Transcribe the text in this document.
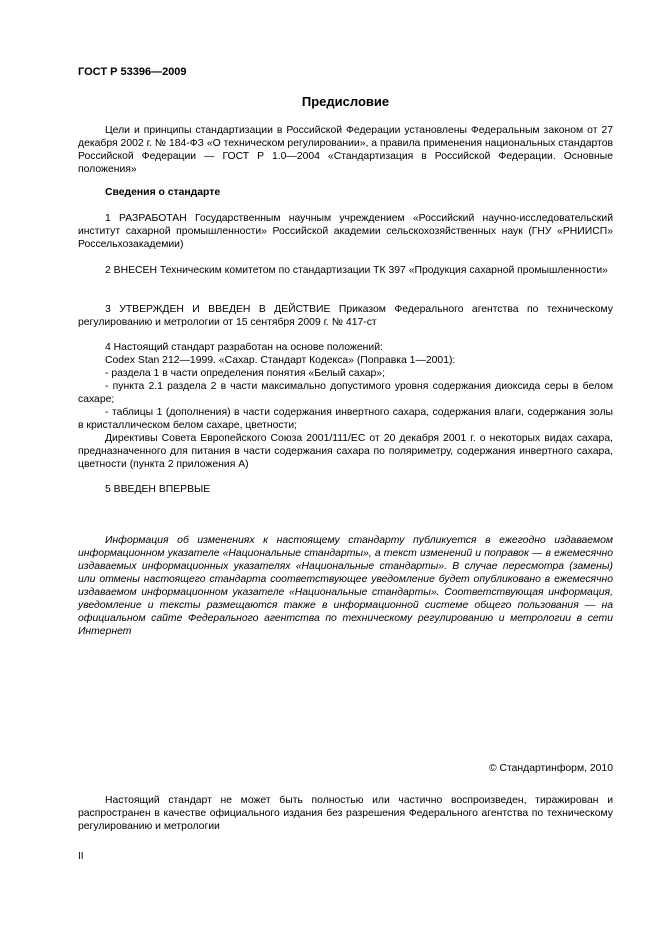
ГОСТ Р 53396—2009
Предисловие
Цели и принципы стандартизации в Российской Федерации установлены Федеральным законом от 27 декабря 2002 г. № 184-ФЗ «О техническом регулировании», а правила применения национальных стандартов Российской Федерации — ГОСТ Р 1.0—2004 «Стандартизация в Российской Федерации. Основные положения»
Сведения о стандарте
1 РАЗРАБОТАН Государственным научным учреждением «Российский научно-исследовательский институт сахарной промышленности» Российской академии сельскохозяйственных наук (ГНУ «РНИИСП» Россельхозакадемии)
2 ВНЕСЕН Техническим комитетом по стандартизации ТК 397 «Продукция сахарной промышленности»
3 УТВЕРЖДЕН И ВВЕДЕН В ДЕЙСТВИЕ Приказом Федерального агентства по техническому регулированию и метрологии от 15 сентября 2009 г. № 417-ст
4 Настоящий стандарт разработан на основе положений:
Codex Stan 212—1999. «Сахар. Стандарт Кодекса» (Поправка 1—2001):
- раздела 1 в части определения понятия «Белый сахар»;
- пункта 2.1 раздела 2 в части максимально допустимого уровня содержания диоксида серы в белом сахаре;
- таблицы 1 (дополнения) в части содержания инвертного сахара, содержания влаги, содержания золы в кристаллическом белом сахаре, цветности;
Директивы Совета Европейского Союза 2001/111/ЕС от 20 декабря 2001 г. о некоторых видах сахара, предназначенного для питания в части содержания сахара по поляриметру, содержания инвертного сахара, цветности (пункта 2 приложения А)
5 ВВЕДЕН ВПЕРВЫЕ
Информация об изменениях к настоящему стандарту публикуется в ежегодно издаваемом информационном указателе «Национальные стандарты», а текст изменений и поправок — в ежемесячно издаваемых информационных указателях «Национальные стандарты». В случае пересмотра (замены) или отмены настоящего стандарта соответствующее уведомление будет опубликовано в ежемесячно издаваемом информационном указателе «Национальные стандарты». Соответствующая информация, уведомление и тексты размещаются также в информационной системе общего пользования — на официальном сайте Федерального агентства по техническому регулированию и метрологии в сети Интернет
© Стандартинформ, 2010
Настоящий стандарт не может быть полностью или частично воспроизведен, тиражирован и распространен в качестве официального издания без разрешения Федерального агентства по техническому регулированию и метрологии
II
